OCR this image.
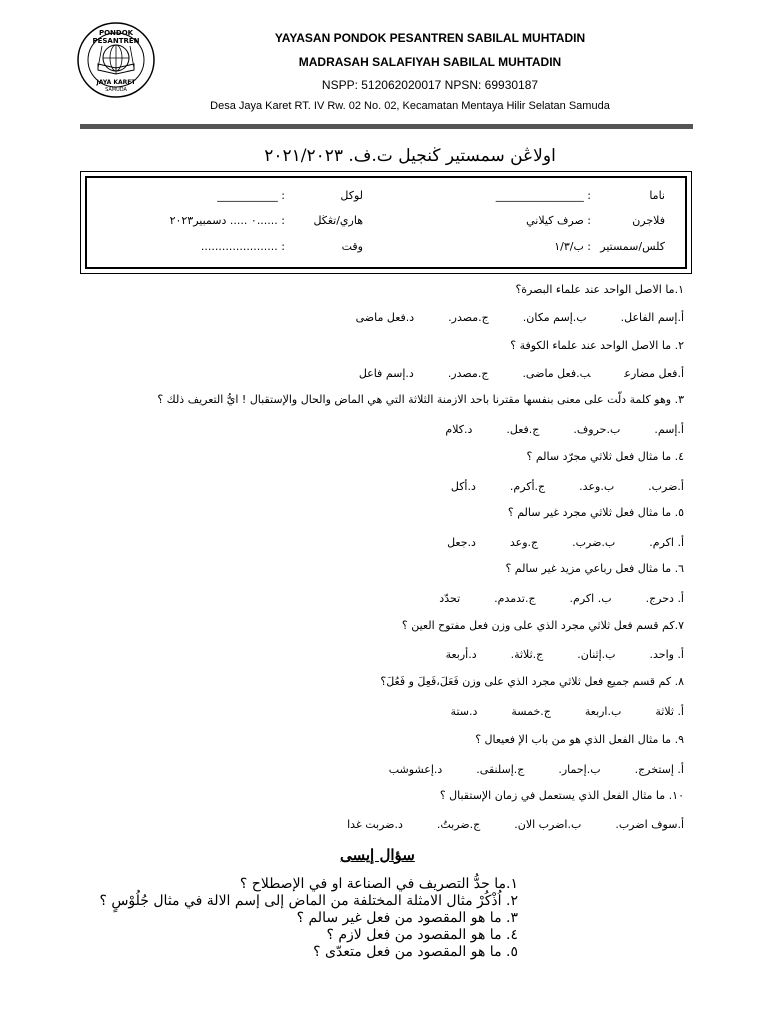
PONDOK PESANTREN
JAYA KARET
SAMUDA
YAYASAN PONDOK PESANTREN SABILAL MUHTADIN
MADRASAH SALAFIYAH SABILAL MUHTADIN
NSPP: 512062020017 NPSN: 69930187
Desa Jaya Karet RT. IV Rw. 02 No. 02, Kecamatan Mentaya Hilir Selatan Samuda
اولاڠن سمستير ڬنجيل ت.ف. ٢٠٢١/٢٠٢٣
ناما
: ________________
فلاجرن
: صرف كيلاني
كلس/سمستير
: ب/١/٣
لوكل
: ___________
هاري/تڠڬل
: ......٠ ..... دسمبير٢٠٢٣
وقت
: ......................
١.ما الاصل الواحد عند علماء البصرة؟
أ.إسم الفاعل.ب.إسم مكان.ج.مصدر.د.فعل ماضى
٢. ما الاصل الواحد عند علماء الكوفة ؟
أ.فعل مضارعب.فعل ماضى.ج.مصدر.د.إسم فاعل
٣. وهو كلمة دلّت على معنى بنفسها مقترنا باحد الازمنة الثلاثة التي هي الماض والحال والإستقبال ! ايُّ التعريف ذلك ؟
أ.إسم.ب.حروف.ج.فعل.د.كلام
٤. ما مثال فعل ثلاثي مجرّد سالم ؟
أ.ضرب.ب.وعد.ج.أكرم.د.أكل
٥. ما مثال فعل ثلاثي مجرد غير سالم ؟
أ. اكرم.ب.ضرب.ج.وعدد.جعل
٦. ما مثال فعل رباعي مزيد غير سالم ؟
أ. دحرج.ب. اكرم.ج.تدمدم.تحدّد
٧.كم قسم فعل ثلاثي مجرد الذي على وزن فعل مفتوح العين ؟
أ. واحد.ب.إثنان.ج.ثلاثة.د.أربعة
٨. كم قسم جميع فعل ثلاثي مجرد الذي على وزن فَعَلَ،فَعِلَ و فَعُلَ؟
أ. ثلاثةب.اربعةج.خمسةد.ستة
٩. ما مثال الفعل الذي هو من باب الإ فعيعال ؟
أ. إستخرج.ب.إحمار.ج.إسلنقى.د.إعشوشب
١٠. ما مثال الفعل الذي يستعمل في زمان الإستقبال ؟
أ.سوف اضرب.ب.اضرب الان.ج.ضربتُ.د.ضربت غدا
سؤال إيسى
١.ما حدُّ التصريف في الصناعة او في الإصطلاح ؟
٢. اُذْكُرْ مثال الامثلة المختلفة من الماض إلى إسم الالة في مثال جُلُوْسٍ ؟
٣. ما هو المقصود من فعل غير سالم ؟
٤. ما هو المقصود من فعل لازم ؟
٥. ما هو المقصود من فعل متعدّى ؟
